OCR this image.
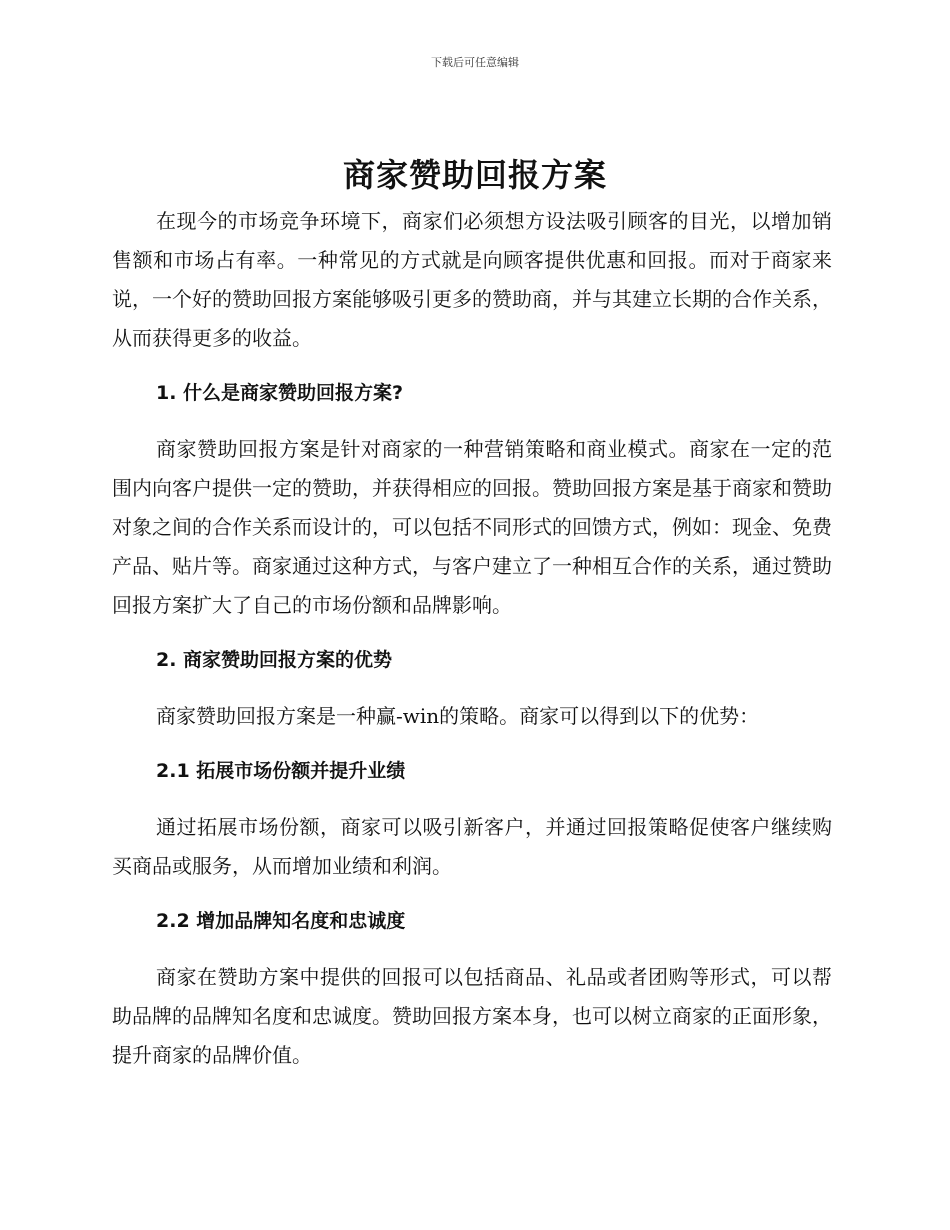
下载后可任意编辑
商家赞助回报方案

在现今的市场竞争环境下，商家们必须想方设法吸引顾客的目光，以增加销售额和市场占有率。一种常见的方式就是向顾客提供优惠和回报。而对于商家来说，一个好的赞助回报方案能够吸引更多的赞助商，并与其建立长期的合作关系，从而获得更多的收益。

1. 什么是商家赞助回报方案?

商家赞助回报方案是针对商家的一种营销策略和商业模式。商家在一定的范围内向客户提供一定的赞助，并获得相应的回报。赞助回报方案是基于商家和赞助对象之间的合作关系而设计的，可以包括不同形式的回馈方式，例如：现金、免费产品、贴片等。商家通过这种方式，与客户建立了一种相互合作的关系，通过赞助回报方案扩大了自己的市场份额和品牌影响。

2. 商家赞助回报方案的优势

商家赞助回报方案是一种赢-win的策略。商家可以得到以下的优势：

2.1 拓展市场份额并提升业绩

通过拓展市场份额，商家可以吸引新客户，并通过回报策略促使客户继续购买商品或服务，从而增加业绩和利润。

2.2 增加品牌知名度和忠诚度

商家在赞助方案中提供的回报可以包括商品、礼品或者团购等形式，可以帮助品牌的品牌知名度和忠诚度。赞助回报方案本身，也可以树立商家的正面形象，提升商家的品牌价值。
